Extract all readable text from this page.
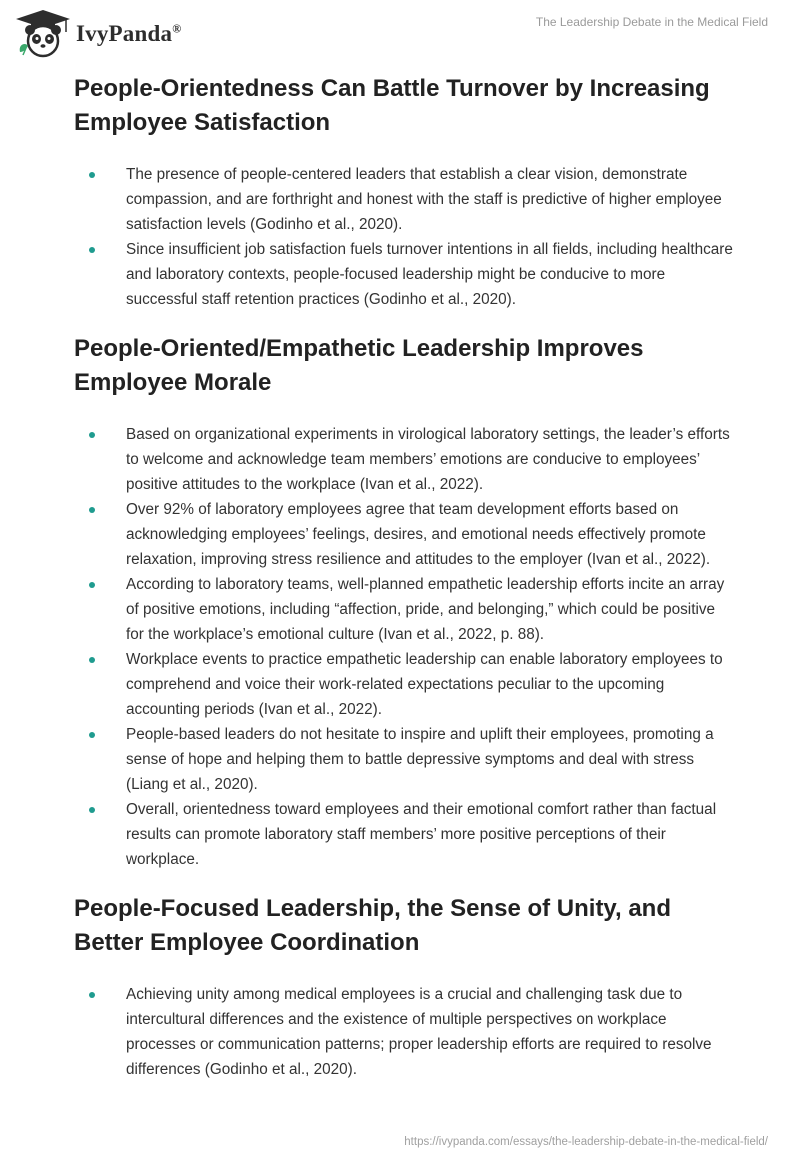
IvyPanda®	The Leadership Debate in the Medical Field
People-Orientedness Can Battle Turnover by Increasing Employee Satisfaction
The presence of people-centered leaders that establish a clear vision, demonstrate compassion, and are forthright and honest with the staff is predictive of higher employee satisfaction levels (Godinho et al., 2020).
Since insufficient job satisfaction fuels turnover intentions in all fields, including healthcare and laboratory contexts, people-focused leadership might be conducive to more successful staff retention practices (Godinho et al., 2020).
People-Oriented/Empathetic Leadership Improves Employee Morale
Based on organizational experiments in virological laboratory settings, the leader’s efforts to welcome and acknowledge team members’ emotions are conducive to employees’ positive attitudes to the workplace (Ivan et al., 2022).
Over 92% of laboratory employees agree that team development efforts based on acknowledging employees’ feelings, desires, and emotional needs effectively promote relaxation, improving stress resilience and attitudes to the employer (Ivan et al., 2022).
According to laboratory teams, well-planned empathetic leadership efforts incite an array of positive emotions, including “affection, pride, and belonging,” which could be positive for the workplace’s emotional culture (Ivan et al., 2022, p. 88).
Workplace events to practice empathetic leadership can enable laboratory employees to comprehend and voice their work-related expectations peculiar to the upcoming accounting periods (Ivan et al., 2022).
People-based leaders do not hesitate to inspire and uplift their employees, promoting a sense of hope and helping them to battle depressive symptoms and deal with stress (Liang et al., 2020).
Overall, orientedness toward employees and their emotional comfort rather than factual results can promote laboratory staff members’ more positive perceptions of their workplace.
People-Focused Leadership, the Sense of Unity, and Better Employee Coordination
Achieving unity among medical employees is a crucial and challenging task due to intercultural differences and the existence of multiple perspectives on workplace processes or communication patterns; proper leadership efforts are required to resolve differences (Godinho et al., 2020).
https://ivypanda.com/essays/the-leadership-debate-in-the-medical-field/
